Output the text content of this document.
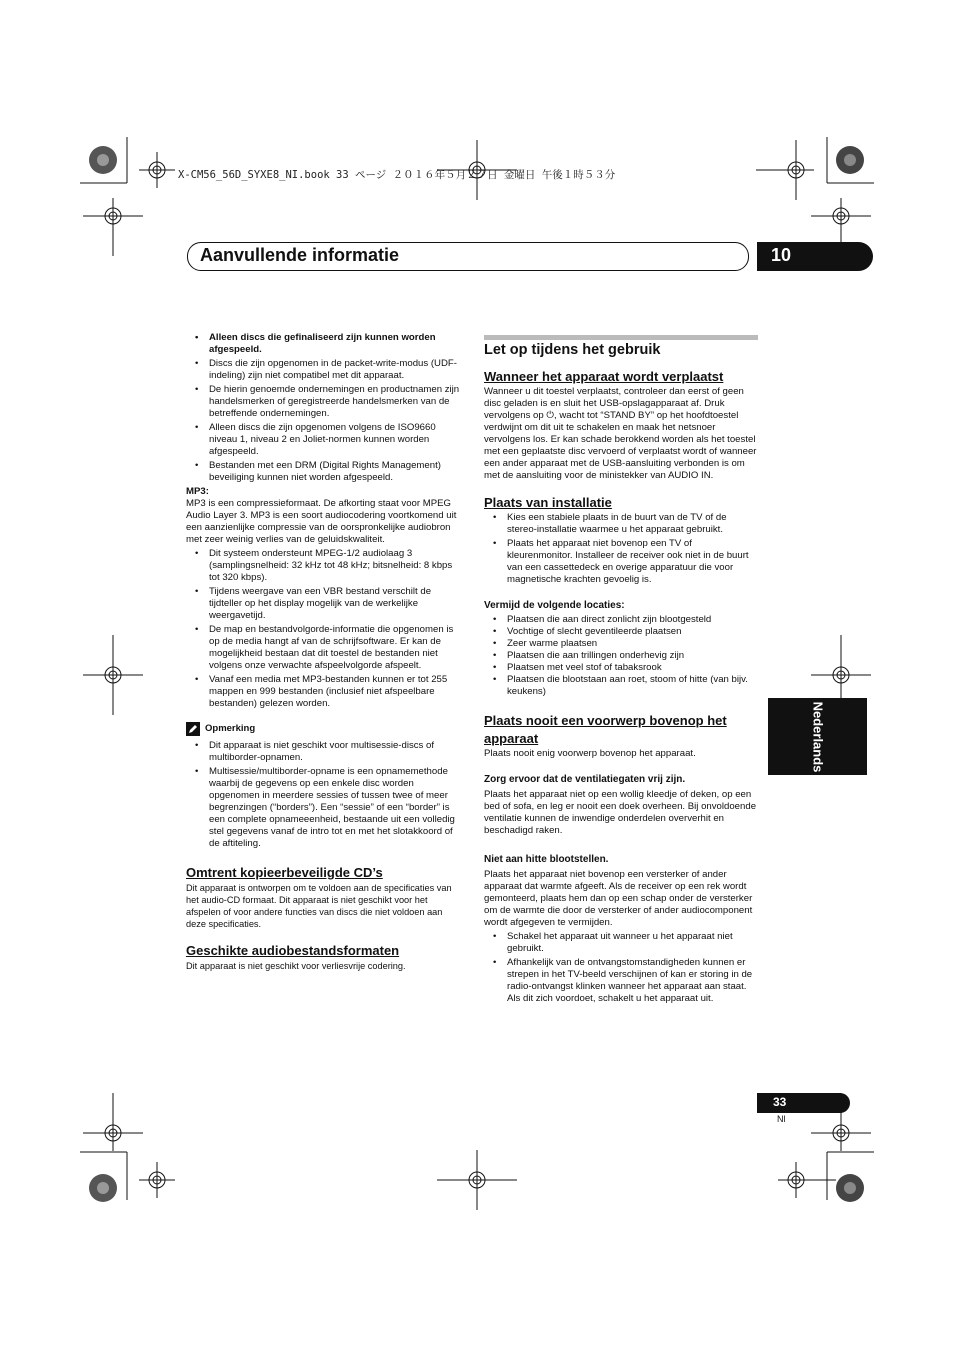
X-CM56_56D_SYXE8_NI.book 33 ページ ２０１６年５月２７日 金曜日 午後１時５３分
Aanvullende informatie	10
Nederlands
• Alleen discs die gefinaliseerd zijn kunnen worden afgespeeld.
• Discs die zijn opgenomen in de packet-write-modus (UDF-indeling) zijn niet compatibel met dit apparaat.
• De hierin genoemde ondernemingen en productnamen zijn handelsmerken of geregistreerde handelsmerken van de betreffende ondernemingen.
• Alleen discs die zijn opgenomen volgens de ISO9660 niveau 1, niveau 2 en Joliet-normen kunnen worden afgespeeld.
• Bestanden met een DRM (Digital Rights Management) beveiliging kunnen niet worden afgespeeld.

MP3:

MP3 is een compressieformaat. De afkorting staat voor MPEG Audio Layer 3. MP3 is een soort audiocodering voortkomend uit een aanzienlijke compressie van de oorspronkelijke audiobron met zeer weinig verlies van de geluidskwaliteit.

• Dit systeem ondersteunt MPEG-1/2 audiolaag 3 (samplingsnelheid: 32 kHz tot 48 kHz; bitsnelheid: 8 kbps tot 320 kbps).
• Tijdens weergave van een VBR bestand verschilt de tijdteller op het display mogelijk van de werkelijke weergavetijd.
• De map en bestandvolgorde-informatie die opgenomen is op de media hangt af van de schrijfsoftware. Er kan de mogelijkheid bestaan dat dit toestel de bestanden niet volgens onze verwachte afspeelvolgorde afspeelt.
• Vanaf een media met MP3-bestanden kunnen er tot 255 mappen en 999 bestanden (inclusief niet afspeelbare bestanden) gelezen worden.
Opmerking
• Dit apparaat is niet geschikt voor multisessie-discs of multiborder-opnamen.
• Multisessie/multiborder-opname is een opnamemethode waarbij de gegevens op een enkele disc worden opgenomen in meerdere sessies of tussen twee of meer begrenzingen (“borders”). Een “sessie” of een “border” is een complete opnameeenheid, bestaande uit een volledig stel gegevens vanaf de intro tot en met het slotakkoord of de aftiteling.

Omtrent kopieerbeveiligde CD’s

Dit apparaat is ontworpen om te voldoen aan de specificaties van het audio-CD formaat. Dit apparaat is niet geschikt voor het afspelen of voor andere functies van discs die niet voldoen aan deze specificaties.

Geschikte audiobestandsformaten

Dit apparaat is niet geschikt voor verliesvrije codering.

Let op tijdens het gebruik

Wanneer het apparaat wordt verplaatst

Wanneer u dit toestel verplaatst, controleer dan eerst of geen disc geladen is en sluit het USB-opslagapparaat af. Druk vervolgens op ⏻, wacht tot “STAND BY” op het hoofdtoestel verdwijnt om dit uit te schakelen en maak het netsnoer vervolgens los. Er kan schade berokkend worden als het toestel met een geplaatste disc vervoerd of verplaatst wordt of wanneer een ander apparaat met de USB-aansluiting verbonden is om met de aansluiting voor de ministekker van AUDIO IN.

Plaats van installatie

• Kies een stabiele plaats in de buurt van de TV of de stereo-installatie waarmee u het apparaat gebruikt.
• Plaats het apparaat niet bovenop een TV of kleurenmonitor. Installeer de receiver ook niet in de buurt van een cassettedeck en overige apparatuur die voor magnetische krachten gevoelig is.

Vermijd de volgende locaties:

• Plaatsen die aan direct zonlicht zijn blootgesteld
• Vochtige of slecht geventileerde plaatsen
• Zeer warme plaatsen
• Plaatsen die aan trillingen onderhevig zijn
• Plaatsen met veel stof of tabaksrook
• Plaatsen die blootstaan aan roet, stoom of hitte (van bijv. keukens)

Plaats nooit een voorwerp bovenop het apparaat

Plaats nooit enig voorwerp bovenop het apparaat.

Zorg ervoor dat de ventilatiegaten vrij zijn.

Plaats het apparaat niet op een wollig kleedje of deken, op een bed of sofa, en leg er nooit een doek overheen. Bij onvoldoende ventilatie kunnen de inwendige onderdelen oververhit en beschadigd raken.

Niet aan hitte blootstellen.

Plaats het apparaat niet bovenop een versterker of ander apparaat dat warmte afgeeft. Als de receiver op een rek wordt gemonteerd, plaats hem dan op een schap onder de versterker om de warmte die door de versterker of ander audiocomponent wordt afgegeven te vermijden.

• Schakel het apparaat uit wanneer u het apparaat niet gebruikt.
• Afhankelijk van de ontvangstomstandigheden kunnen er strepen in het TV-beeld verschijnen of kan er storing in de radio-ontvangst klinken wanneer het apparaat aan staat. Als dit zich voordoet, schakelt u het apparaat uit.
33
Nl
